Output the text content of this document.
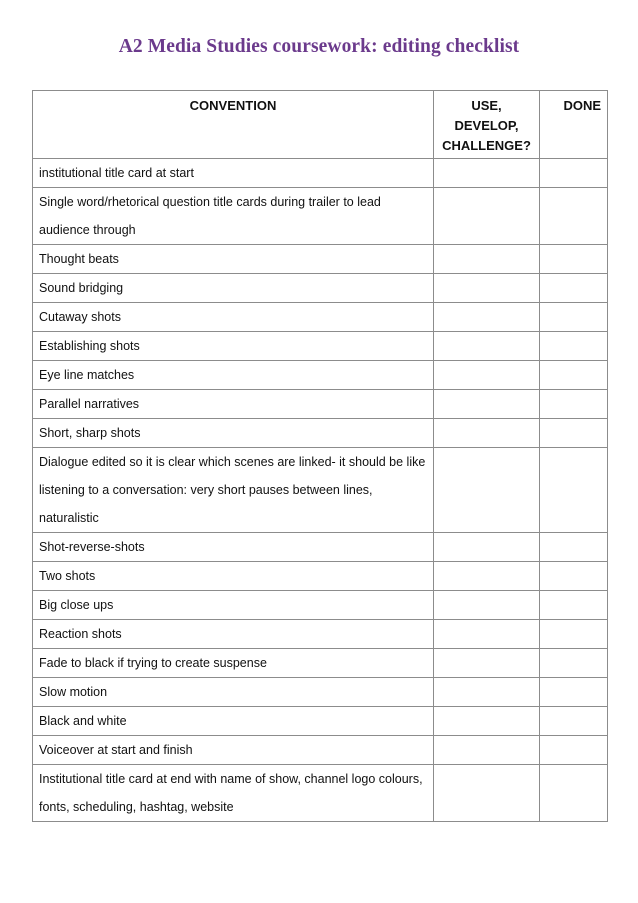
A2 Media Studies coursework: editing checklist
CONVENTION	USE, DEVELOP, CHALLENGE?	DONE
institutional title card at start		
Single word/rhetorical question title cards during trailer to lead audience through		
Thought beats		
Sound bridging		
Cutaway shots		
Establishing shots		
Eye line matches		
Parallel narratives		
Short, sharp shots		
Dialogue edited so it is clear which scenes are linked- it should be like listening to a conversation: very short pauses between lines, naturalistic		
Shot-reverse-shots		
Two shots		
Big close ups		
Reaction shots		
Fade to black if trying to create suspense		
Slow motion		
Black and white		
Voiceover at start and finish		
Institutional title card at end with name of show, channel logo colours, fonts, scheduling, hashtag, website		
